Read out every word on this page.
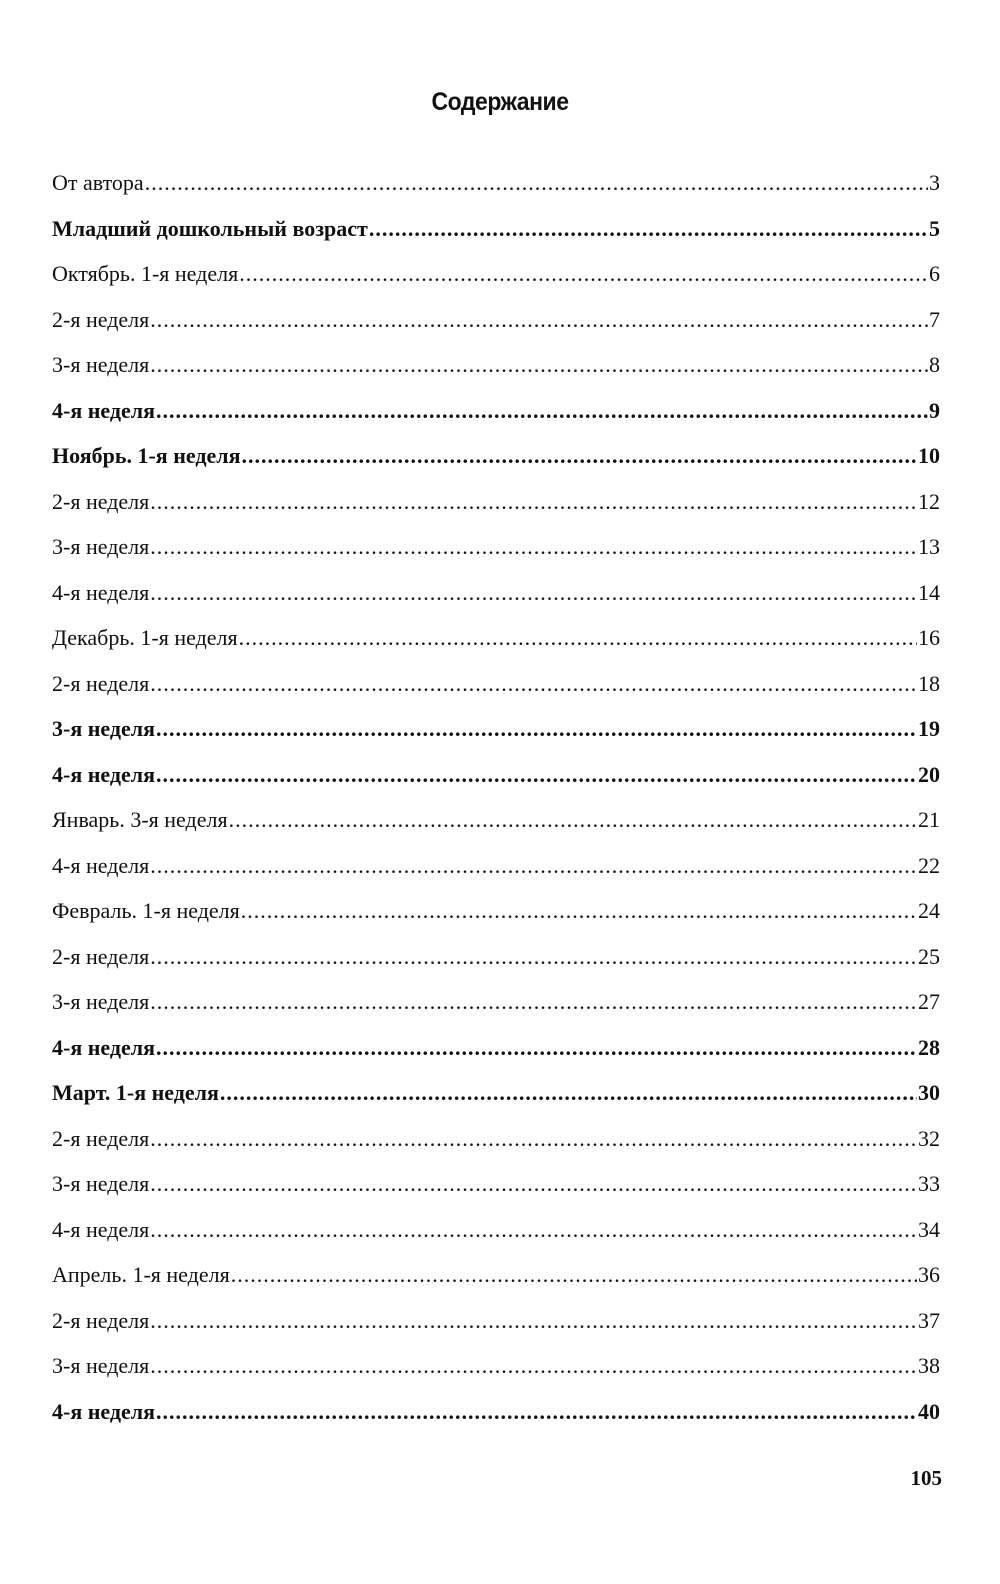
Содержание
От автора .....	3
Младший дошкольный возраст .....	5
Октябрь. 1-я неделя .....	6
2-я неделя .....	7
3-я неделя .....	8
4-я неделя .....	9
Ноябрь. 1-я неделя .....	10
2-я неделя .....	12
3-я неделя .....	13
4-я неделя .....	14
Декабрь. 1-я неделя .....	16
2-я неделя .....	18
3-я неделя .....	19
4-я неделя .....	20
Январь. 3-я неделя .....	21
4-я неделя .....	22
Февраль. 1-я неделя .....	24
2-я неделя .....	25
3-я неделя .....	27
4-я неделя .....	28
Март. 1-я неделя .....	30
2-я неделя .....	32
3-я неделя .....	33
4-я неделя .....	34
Апрель. 1-я неделя .....	36
2-я неделя .....	37
3-я неделя .....	38
4-я неделя .....	40
105
